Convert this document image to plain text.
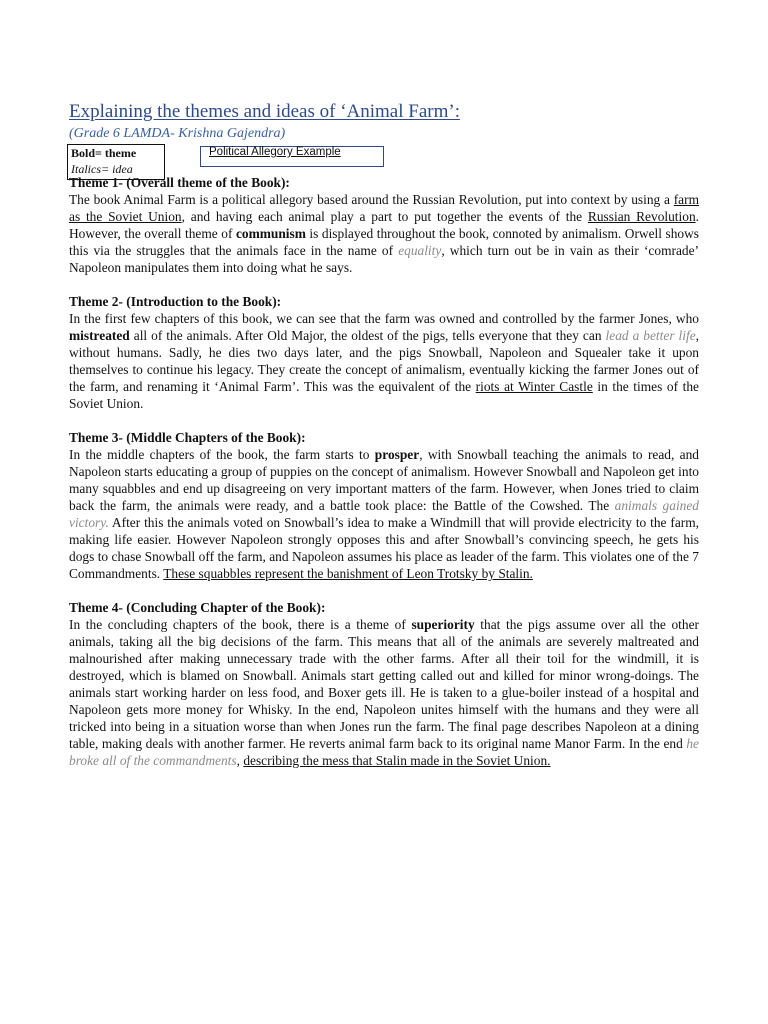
Explaining the themes and ideas of ‘Animal Farm’:
(Grade 6 LAMDA- Krishna Gajendra)
Bold= theme
Italics= idea
Political Allegory Example
Theme 1- (Overall theme of the Book):

The book Animal Farm is a political allegory based around the Russian Revolution, put into context by using a farm as the Soviet Union, and having each animal play a part to put together the events of the Russian Revolution. However, the overall theme of communism is displayed throughout the book, connoted by animalism. Orwell shows this via the struggles that the animals face in the name of equality, which turn out be in vain as their ‘comrade’ Napoleon manipulates them into doing what he says.

Theme 2- (Introduction to the Book):

In the first few chapters of this book, we can see that the farm was owned and controlled by the farmer Jones, who mistreated all of the animals. After Old Major, the oldest of the pigs, tells everyone that they can lead a better life, without humans. Sadly, he dies two days later, and the pigs Snowball, Napoleon and Squealer take it upon themselves to continue his legacy. They create the concept of animalism, eventually kicking the farmer Jones out of the farm, and renaming it ‘Animal Farm’. This was the equivalent of the riots at Winter Castle in the times of the Soviet Union.

Theme 3- (Middle Chapters of the Book):

In the middle chapters of the book, the farm starts to prosper, with Snowball teaching the animals to read, and Napoleon starts educating a group of puppies on the concept of animalism. However Snowball and Napoleon get into many squabbles and end up disagreeing on very important matters of the farm. However, when Jones tried to claim back the farm, the animals were ready, and a battle took place: the Battle of the Cowshed. The animals gained victory. After this the animals voted on Snowball’s idea to make a Windmill that will provide electricity to the farm, making life easier. However Napoleon strongly opposes this and after Snowball’s convincing speech, he gets his dogs to chase Snowball off the farm, and Napoleon assumes his place as leader of the farm. This violates one of the 7 Commandments. These squabbles represent the banishment of Leon Trotsky by Stalin.

Theme 4- (Concluding Chapter of the Book):

In the concluding chapters of the book, there is a theme of superiority that the pigs assume over all the other animals, taking all the big decisions of the farm. This means that all of the animals are severely maltreated and malnourished after making unnecessary trade with the other farms. After all their toil for the windmill, it is destroyed, which is blamed on Snowball. Animals start getting called out and killed for minor wrong-doings. The animals start working harder on less food, and Boxer gets ill. He is taken to a glue-boiler instead of a hospital and Napoleon gets more money for Whisky. In the end, Napoleon unites himself with the humans and they were all tricked into being in a situation worse than when Jones run the farm. The final page describes Napoleon at a dining table, making deals with another farmer. He reverts animal farm back to its original name Manor Farm. In the end he broke all of the commandments, describing the mess that Stalin made in the Soviet Union.
